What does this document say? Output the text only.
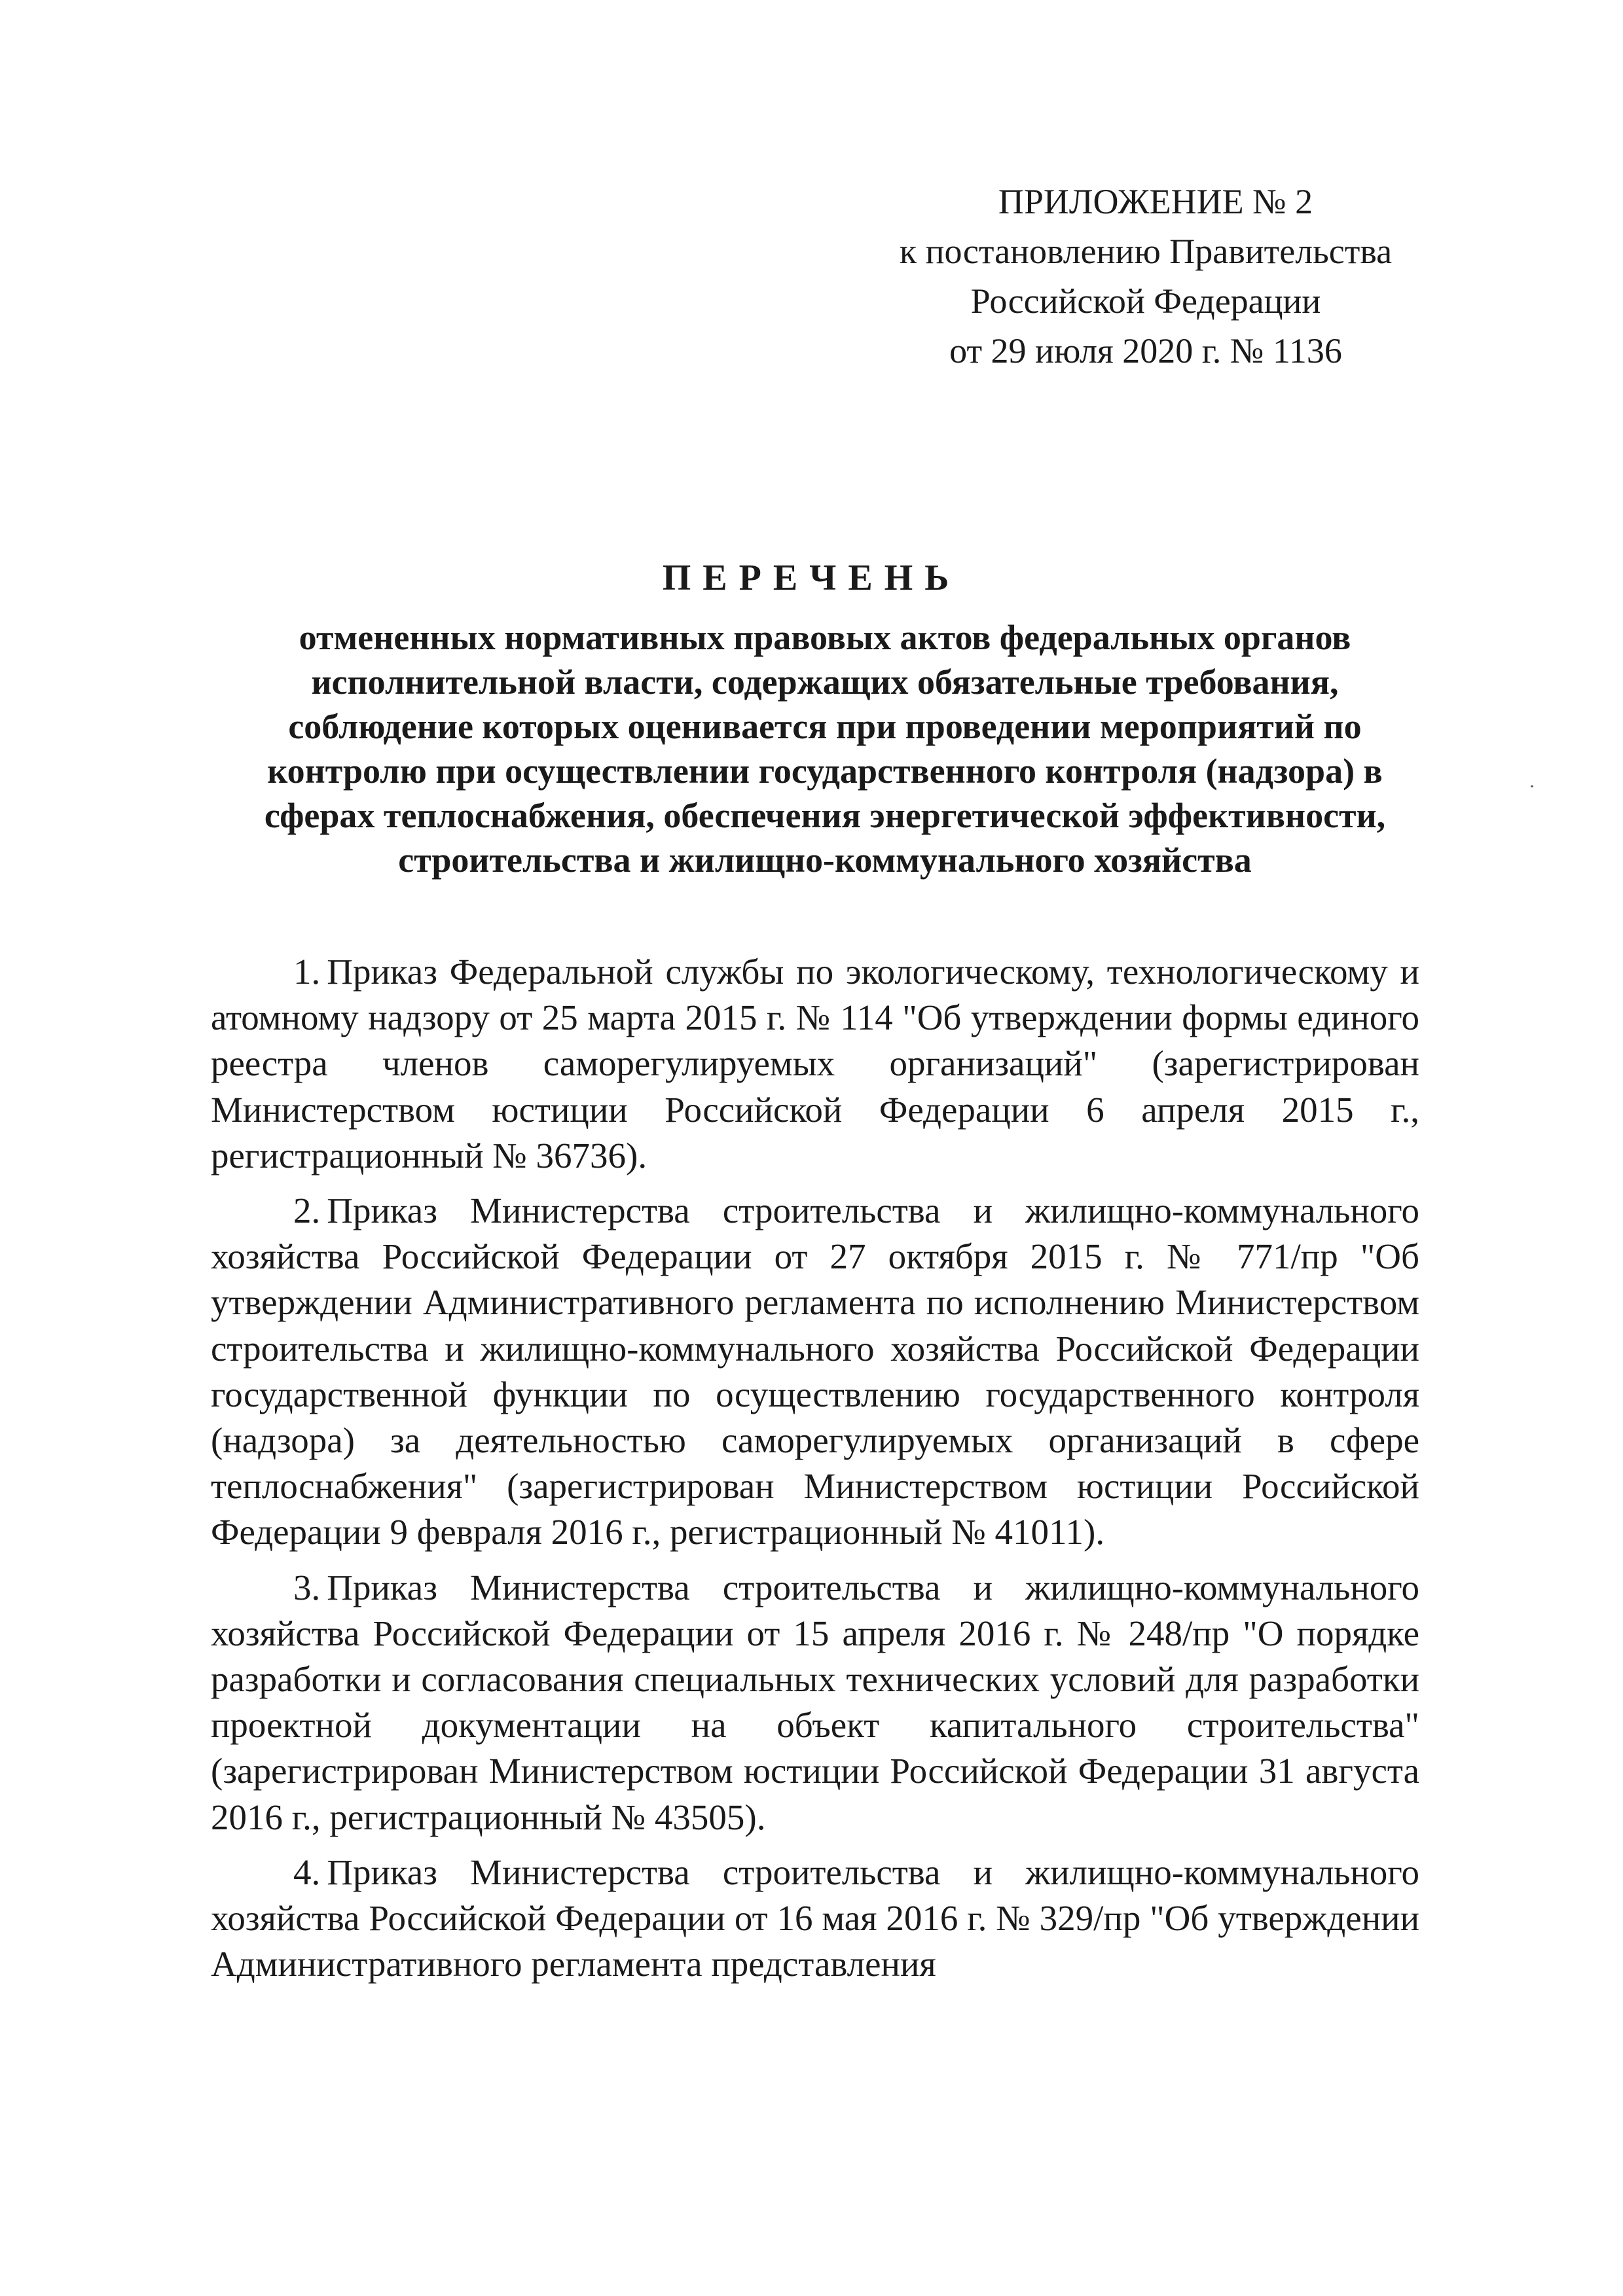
ПРИЛОЖЕНИЕ № 2
к постановлению Правительства
Российской Федерации
от 29 июля 2020 г. № 1136
ПЕРЕЧЕНЬ
отмененных нормативных правовых актов федеральных органов
исполнительной власти, содержащих обязательные требования,
соблюдение которых оценивается при проведении мероприятий по
контролю при осуществлении государственного контроля (надзора) в
сферах теплоснабжения, обеспечения энергетической эффективности,
строительства и жилищно-коммунального хозяйства

1. Приказ Федеральной службы по экологическому, технологическому и атомному надзору от 25 марта 2015 г. № 114 "Об утверждении формы единого реестра членов саморегулируемых организаций" (зарегистрирован Министерством юстиции Российской Федерации 6 апреля 2015 г., регистрационный № 36736).

2. Приказ Министерства строительства и жилищно-коммунального хозяйства Российской Федерации от 27 октября 2015 г. № 771/пр "Об утверждении Административного регламента по исполнению Министерством строительства и жилищно-коммунального хозяйства Российской Федерации государственной функции по осуществлению государственного контроля (надзора) за деятельностью саморегулируемых организаций в сфере теплоснабжения" (зарегистрирован Министерством юстиции Российской Федерации 9 февраля 2016 г., регистрационный № 41011).

3. Приказ Министерства строительства и жилищно-коммунального хозяйства Российской Федерации от 15 апреля 2016 г. № 248/пр "О порядке разработки и согласования специальных технических условий для разработки проектной документации на объект капитального строительства" (зарегистрирован Министерством юстиции Российской Федерации 31 августа 2016 г., регистрационный № 43505).

4. Приказ Министерства строительства и жилищно-коммунального хозяйства Российской Федерации от 16 мая 2016 г. № 329/пр "Об утверждении Административного регламента представления
